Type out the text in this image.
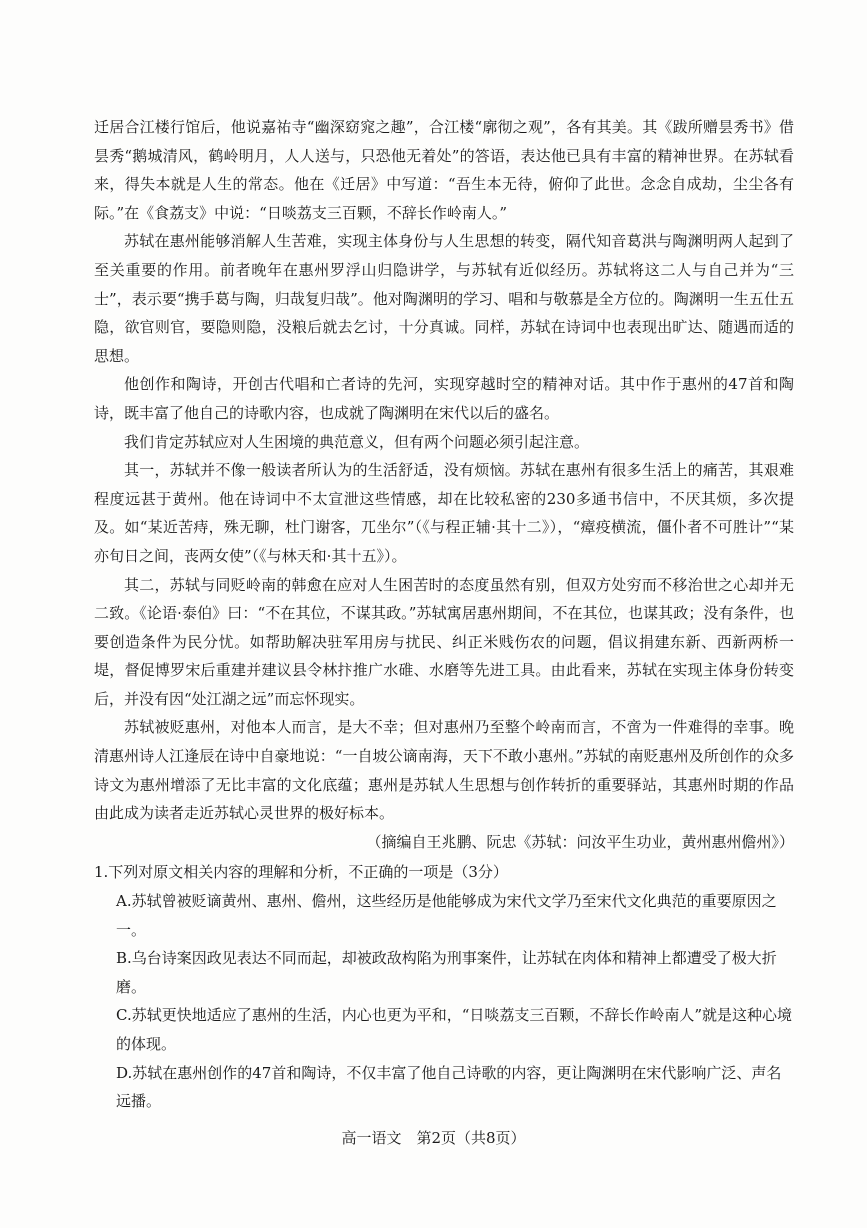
迁居合江楼行馆后，他说嘉祐寺“幽深窈窕之趣”，合江楼“廓彻之观”，各有其美。其《跋所赠昙秀书》借昙秀“鹅城清风，鹤岭明月，人人送与，只恐他无着处”的答语，表达他已具有丰富的精神世界。在苏轼看来，得失本就是人生的常态。他在《迁居》中写道：“吾生本无待，俯仰了此世。念念自成劫，尘尘各有际。”在《食荔支》中说：“日啖荔支三百颗，不辞长作岭南人。”

苏轼在惠州能够消解人生苦难，实现主体身份与人生思想的转变，隔代知音葛洪与陶渊明两人起到了至关重要的作用。前者晚年在惠州罗浮山归隐讲学，与苏轼有近似经历。苏轼将这二人与自己并为“三士”，表示要“携手葛与陶，归哉复归哉”。他对陶渊明的学习、唱和与敬慕是全方位的。陶渊明一生五仕五隐，欲官则官，要隐则隐，没粮后就去乞讨，十分真诚。同样，苏轼在诗词中也表现出旷达、随遇而适的思想。

他创作和陶诗，开创古代唱和亡者诗的先河，实现穿越时空的精神对话。其中作于惠州的47首和陶诗，既丰富了他自己的诗歌内容，也成就了陶渊明在宋代以后的盛名。

我们肯定苏轼应对人生困境的典范意义，但有两个问题必须引起注意。

其一，苏轼并不像一般读者所认为的生活舒适，没有烦恼。苏轼在惠州有很多生活上的痛苦，其艰难程度远甚于黄州。他在诗词中不太宣泄这些情感，却在比较私密的230多通书信中，不厌其烦，多次提及。如“某近苦痔，殊无聊，杜门谢客，兀坐尔”（《与程正辅·其十二》），“瘴疫横流，僵仆者不可胜计”“某亦旬日之间，丧两女使”（《与林天和·其十五》）。

其二，苏轼与同贬岭南的韩愈在应对人生困苦时的态度虽然有别，但双方处穷而不移治世之心却并无二致。《论语·泰伯》曰：“不在其位，不谋其政。”苏轼寓居惠州期间，不在其位，也谋其政；没有条件，也要创造条件为民分忧。如帮助解决驻军用房与扰民、纠正米贱伤农的问题，倡议捐建东新、西新两桥一堤，督促博罗宋后重建并建议县令林抃推广水碓、水磨等先进工具。由此看来，苏轼在实现主体身份转变后，并没有因“处江湖之远”而忘怀现实。

苏轼被贬惠州，对他本人而言，是大不幸；但对惠州乃至整个岭南而言，不啻为一件难得的幸事。晚清惠州诗人江逢辰在诗中自豪地说：“一自坡公谪南海，天下不敢小惠州。”苏轼的南贬惠州及所创作的众多诗文为惠州增添了无比丰富的文化底蕴；惠州是苏轼人生思想与创作转折的重要驿站，其惠州时期的作品由此成为读者走近苏轼心灵世界的极好标本。

（摘编自王兆鹏、阮忠《苏轼：问汝平生功业，黄州惠州儋州》）

1.下列对原文相关内容的理解和分析，不正确的一项是（3分）

A.苏轼曾被贬谪黄州、惠州、儋州，这些经历是他能够成为宋代文学乃至宋代文化典范的重要原因之一。

B.乌台诗案因政见表达不同而起，却被政敌构陷为刑事案件，让苏轼在肉体和精神上都遭受了极大折磨。

C.苏轼更快地适应了惠州的生活，内心也更为平和，“日啖荔支三百颗，不辞长作岭南人”就是这种心境的体现。

D.苏轼在惠州创作的47首和陶诗，不仅丰富了他自己诗歌的内容，更让陶渊明在宋代影响广泛、声名远播。

高一语文　第2页（共8页）
